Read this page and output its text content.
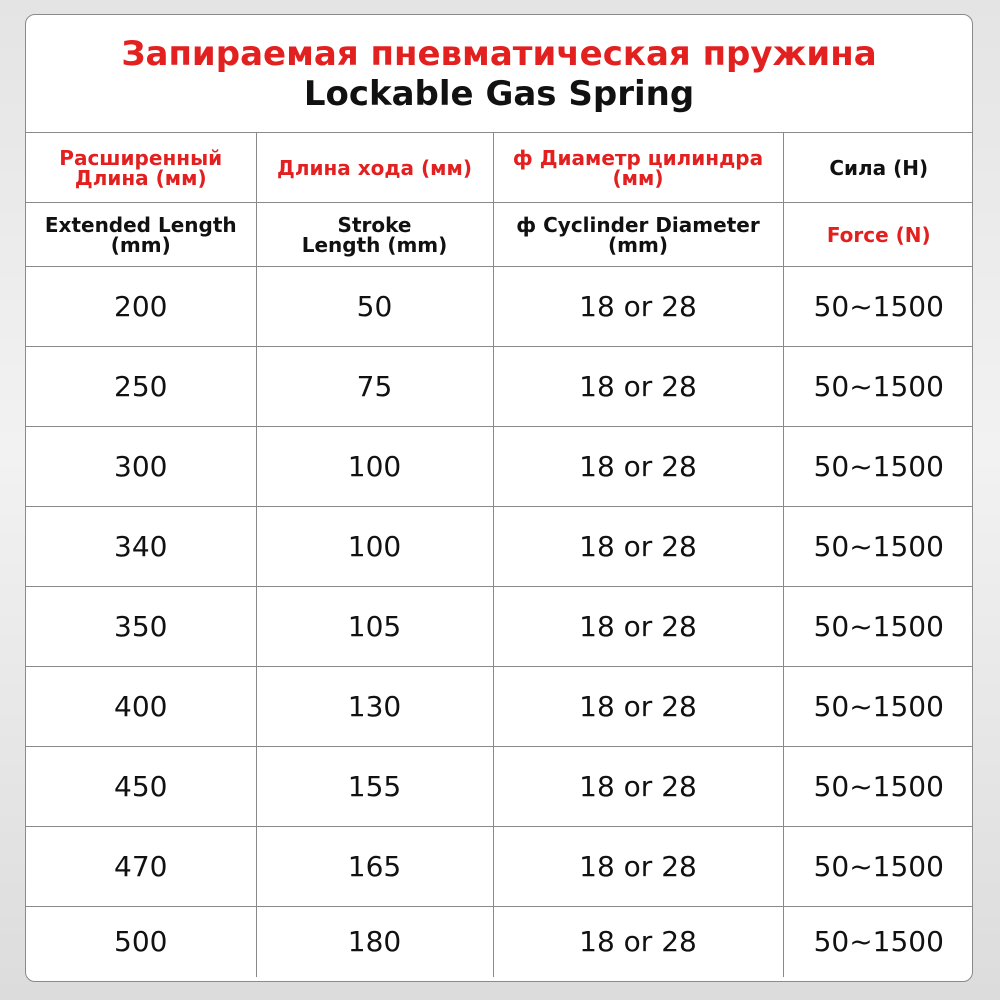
Запираемая пневматическая пружина
Lockable Gas Spring
Расширенный Длина (мм)	Длина хода (мм)	ф Диаметр цилиндра (мм)	Сила (Н)

Extended Length (mm)	Stroke Length (mm)	ф Cyclinder Diameter (mm)	Force (N)

200	50	18 or 28	50~1500
250	75	18 or 28	50~1500
300	100	18 or 28	50~1500
340	100	18 or 28	50~1500
350	105	18 or 28	50~1500
400	130	18 or 28	50~1500
450	155	18 or 28	50~1500
470	165	18 or 28	50~1500
500	180	18 or 28	50~1500
